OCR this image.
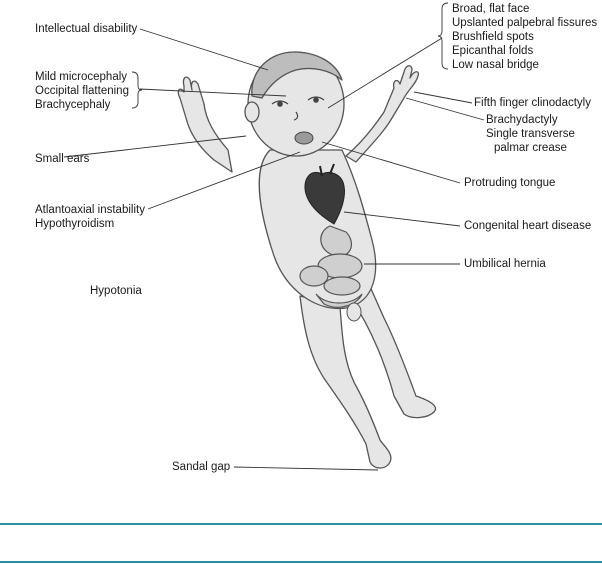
Intellectual disability
Mild microcephaly
Occipital flattening
Brachycephaly
Small ears
Atlantoaxial instability
Hypothyroidism
Hypotonia
Broad, flat face
Upslanted palpebral fissures
Brushfield spots
Epicanthal folds
Low nasal bridge
Fifth finger clinodactyly
Brachydactyly
Single transverse
palmar crease
Protruding tongue
Congenital heart disease
Umbilical hernia
Sandal gap
